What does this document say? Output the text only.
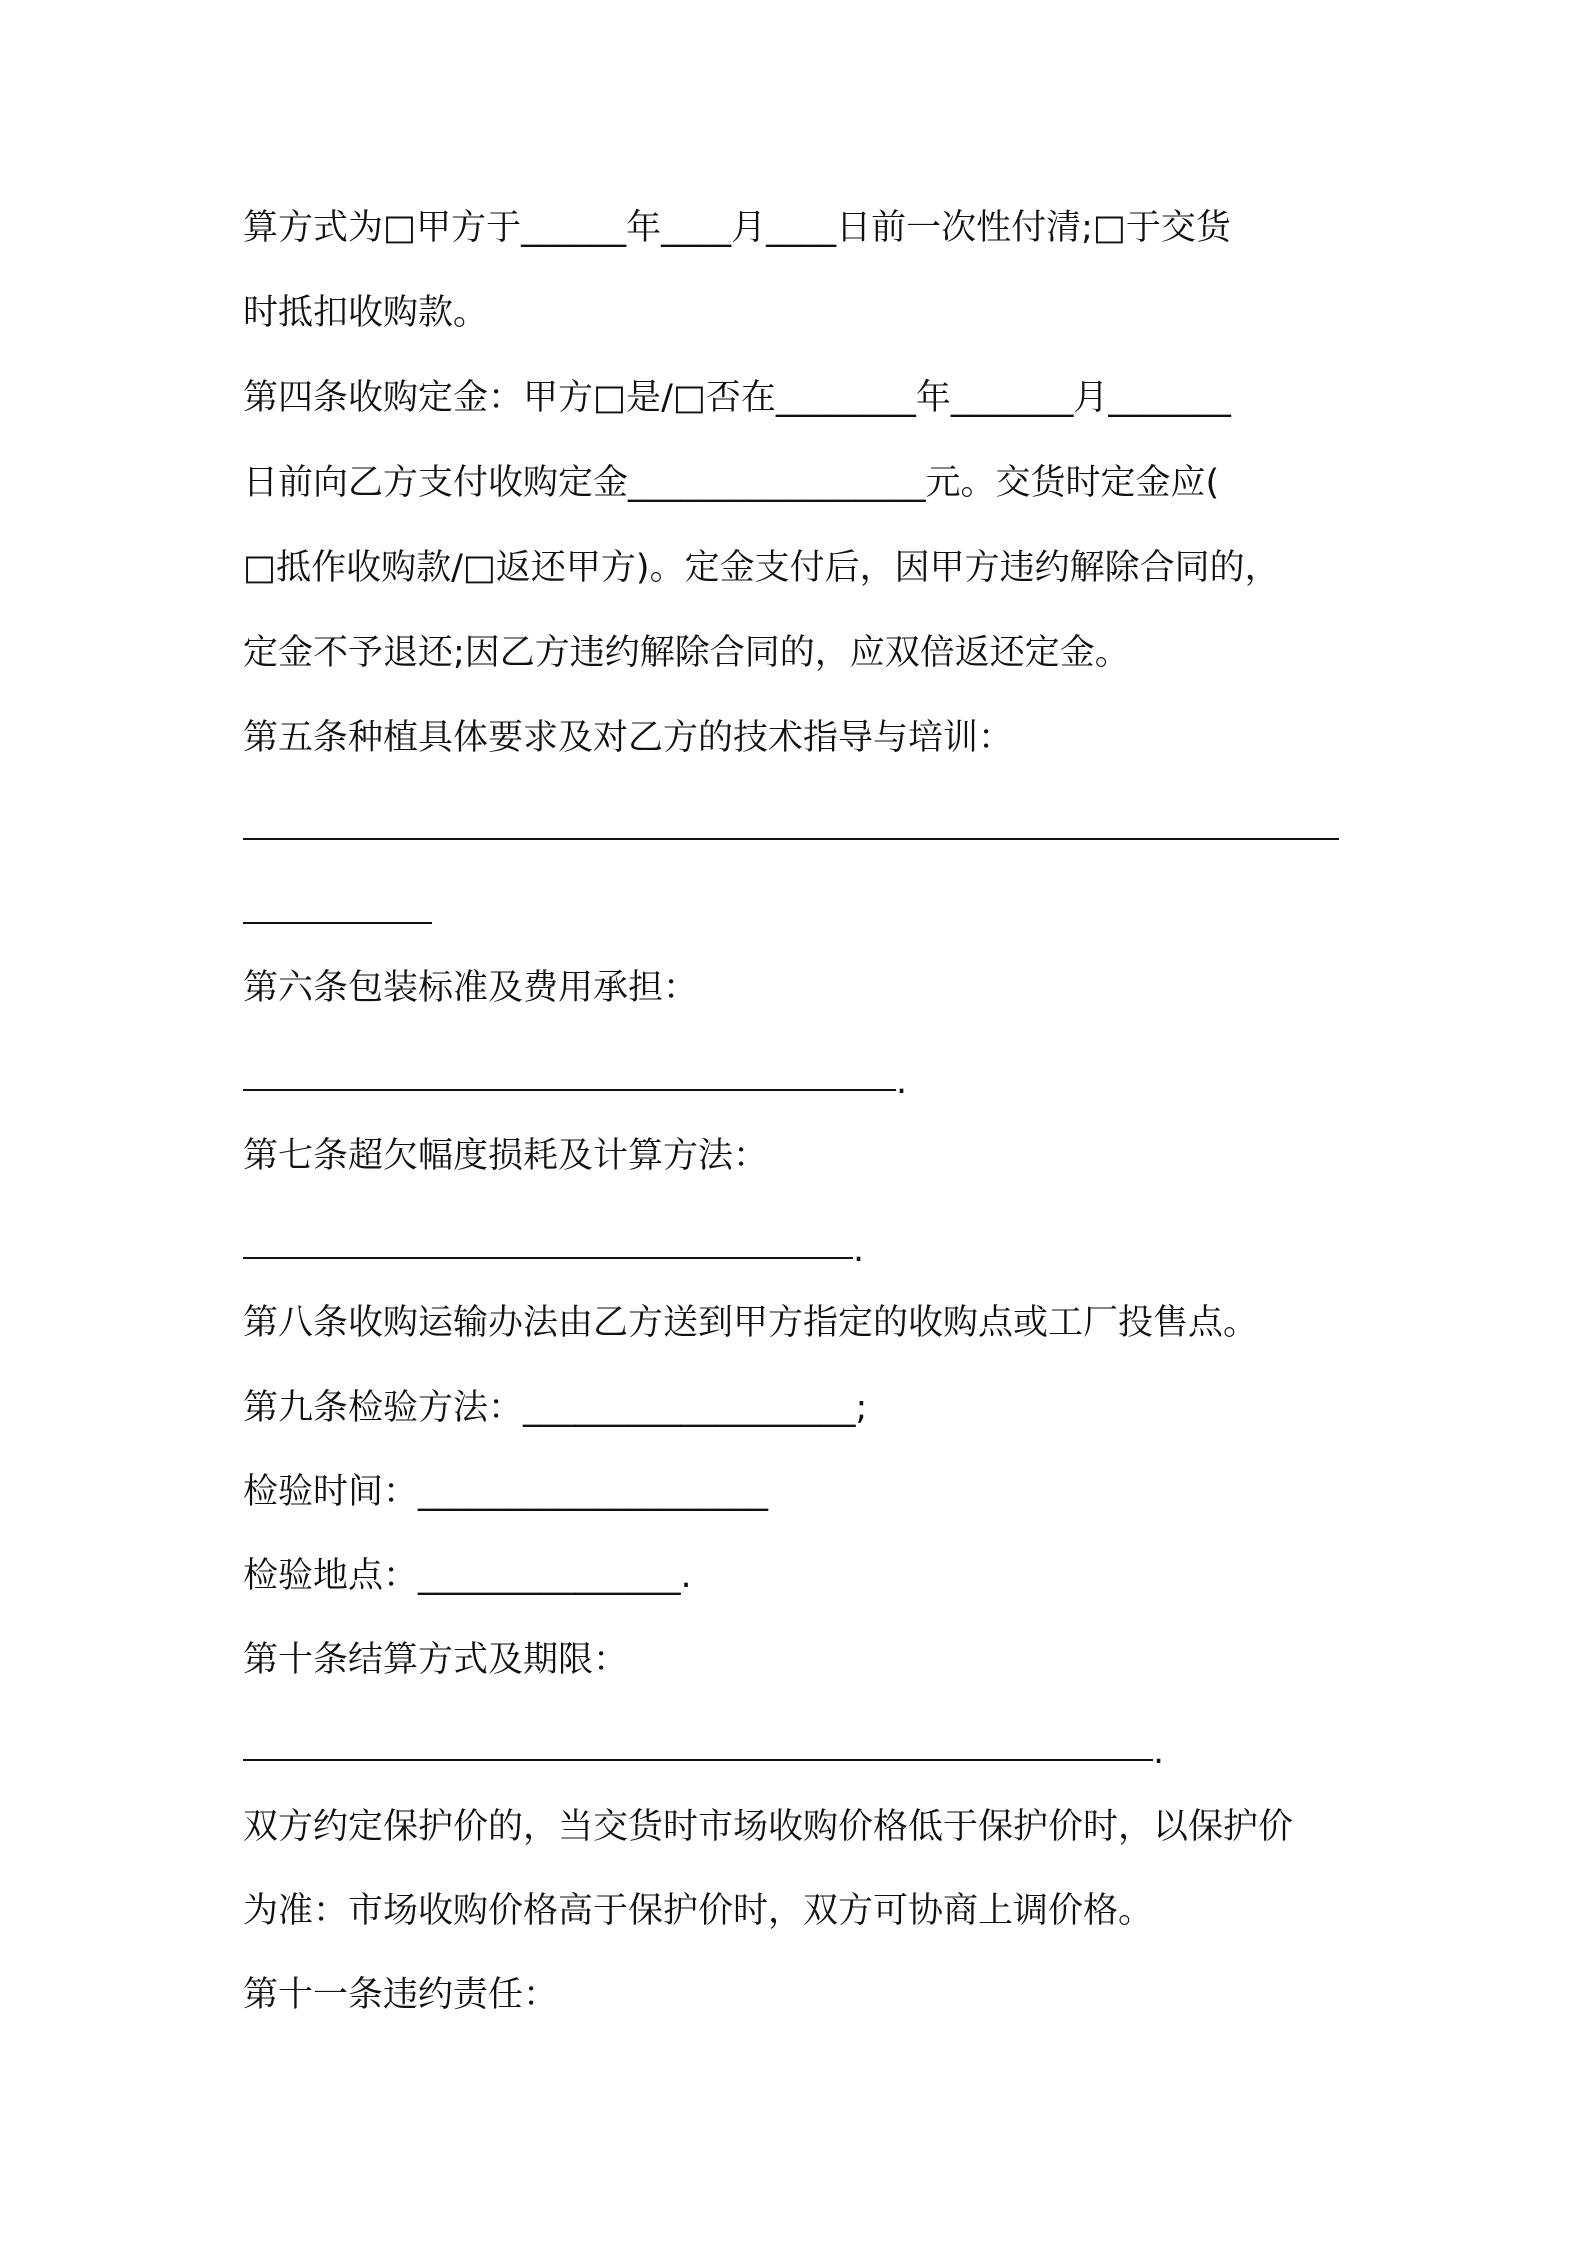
算方式为□甲方于______年____月____日前一次性付清;□于交货
时抵扣收购款。
第四条收购定金：甲方□是/□否在________年_______月_______
日前向乙方支付收购定金_________________元。交货时定金应(
□抵作收购款/□返还甲方)。定金支付后，因甲方违约解除合同的，
定金不予退还;因乙方违约解除合同的，应双倍返还定金。
第五条种植具体要求及对乙方的技术指导与培训：
第六条包装标准及费用承担：
.
第七条超欠幅度损耗及计算方法：
.
第八条收购运输办法由乙方送到甲方指定的收购点或工厂投售点。
第九条检验方法：___________________;
检验时间：____________________
检验地点：_______________.
第十条结算方式及期限：
.
双方约定保护价的，当交货时市场收购价格低于保护价时，以保护价
为准：市场收购价格高于保护价时，双方可协商上调价格。
第十一条违约责任：
